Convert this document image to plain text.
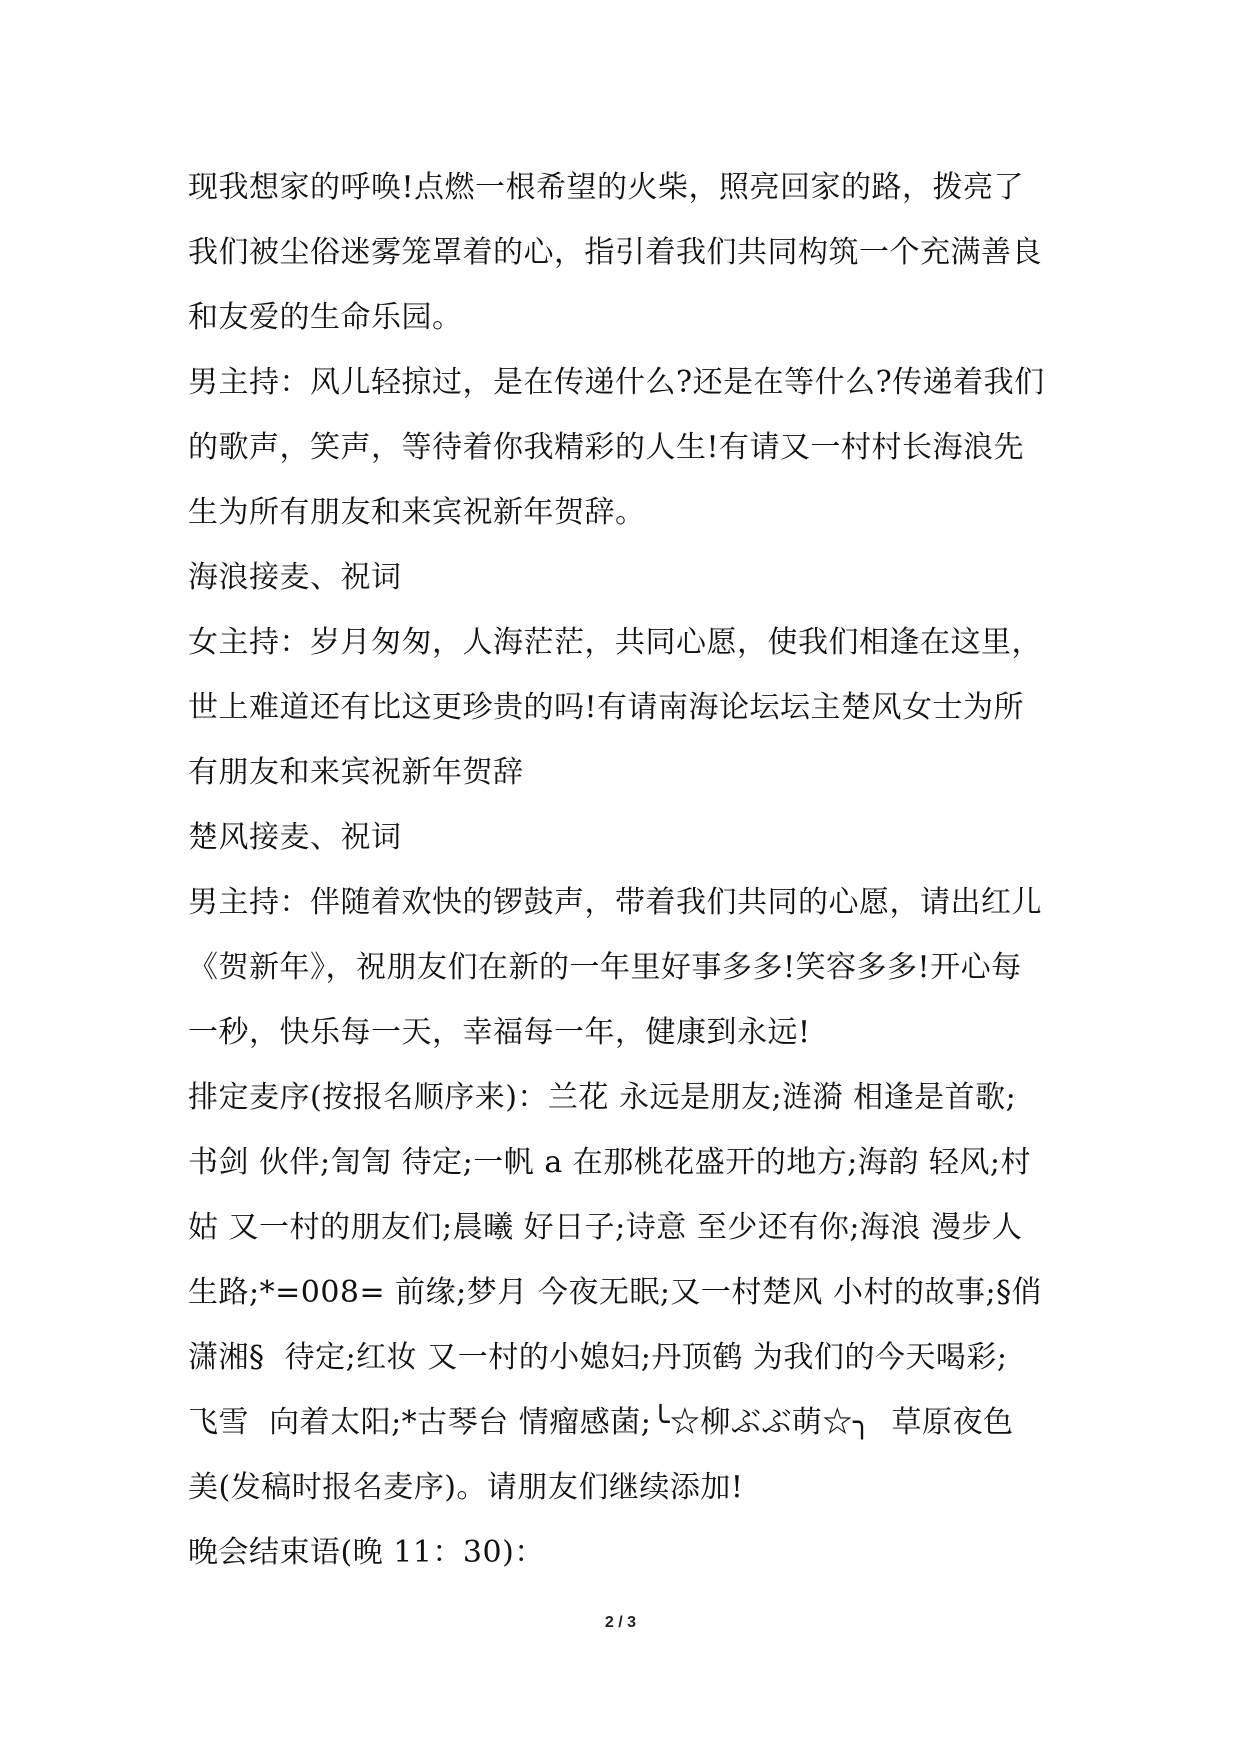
现我想家的呼唤!点燃一根希望的火柴，照亮回家的路，拨亮了
我们被尘俗迷雾笼罩着的心，指引着我们共同构筑一个充满善良
和友爱的生命乐园。
男主持：风儿轻掠过，是在传递什么?还是在等什么?传递着我们
的歌声，笑声，等待着你我精彩的人生!有请又一村村长海浪先
生为所有朋友和来宾祝新年贺辞。
海浪接麦、祝词
女主持：岁月匆匆，人海茫茫，共同心愿，使我们相逢在这里，
世上难道还有比这更珍贵的吗!有请南海论坛坛主楚风女士为所
有朋友和来宾祝新年贺辞
楚风接麦、祝词
男主持：伴随着欢快的锣鼓声，带着我们共同的心愿，请出红儿
《贺新年》，祝朋友们在新的一年里好事多多!笑容多多!开心每
一秒，快乐每一天，幸福每一年，健康到永远!
排定麦序(按报名顺序来)：兰花 永远是朋友;涟漪 相逢是首歌;
书剑 伙伴;訇訇 待定;一帆 a 在那桃花盛开的地方;海韵 轻风;村
姑 又一村的朋友们;晨曦 好日子;诗意 至少还有你;海浪 漫步人
生路;*=008= 前缘;梦月 今夜无眠;又一村楚风 小村的故事;§俏
潇湘§  待定;红妆 又一村的小媳妇;丹顶鹤 为我们的今天喝彩;
飞雪  向着太阳;*古琴台 情瘤感菌;╰☆柳ぶぶ萌☆╮  草原夜色
美(发稿时报名麦序)。请朋友们继续添加!
晚会结束语(晚 11：30)：
2 / 3
